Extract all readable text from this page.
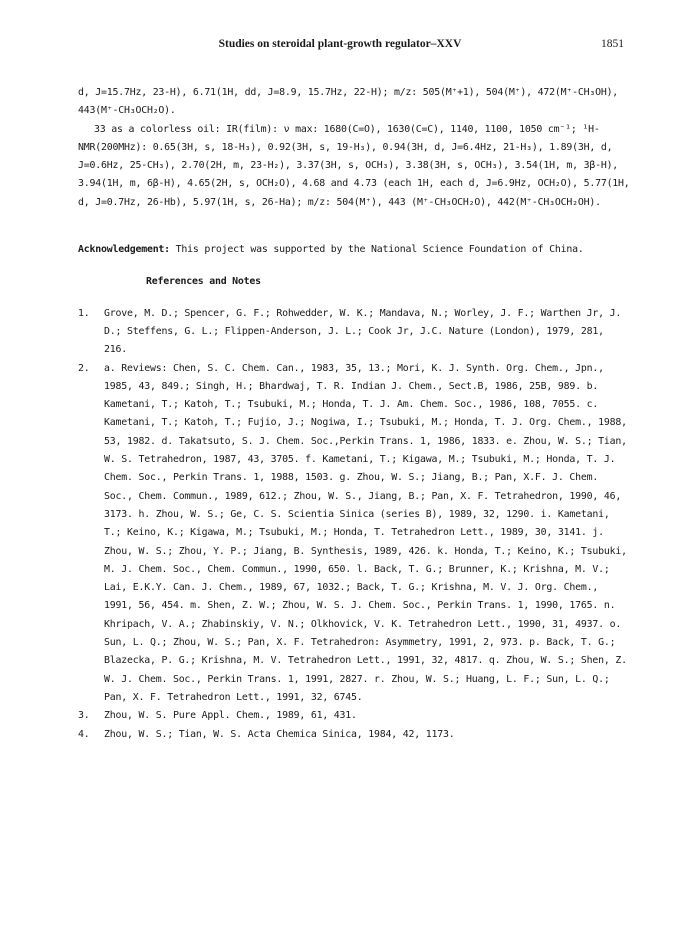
Studies on steroidal plant-growth regulator–XXV	1851

d, J=15.7Hz, 23-H), 6.71(1H, dd, J=8.9, 15.7Hz, 22-H); m/z: 505(M⁺+1), 504(M⁺), 472(M⁺-CH₃OH), 443(M⁺-CH₃OCH₂O).

33 as a colorless oil: IR(film): ν max: 1680(C=O), 1630(C=C), 1140, 1100, 1050 cm⁻¹; ¹H-NMR(200MHz): 0.65(3H, s, 18-H₃), 0.92(3H, s, 19-H₃), 0.94(3H, d, J=6.4Hz, 21-H₃), 1.89(3H, d, J=0.6Hz, 25-CH₃), 2.70(2H, m, 23-H₂), 3.37(3H, s, OCH₃), 3.38(3H, s, OCH₃), 3.54(1H, m, 3β-H), 3.94(1H, m, 6β-H), 4.65(2H, s, OCH₂O), 4.68 and 4.73 (each 1H, each d, J=6.9Hz, OCH₂O), 5.77(1H, d, J=0.7Hz, 26-Hb), 5.97(1H, s, 26-Ha); m/z: 504(M⁺), 443 (M⁺-CH₃OCH₂O), 442(M⁺-CH₃OCH₂OH).

Acknowledgement: This project was supported by the National Science Foundation of China.

References and Notes

1. Grove, M. D.; Spencer, G. F.; Rohwedder, W. K.; Mandava, N.; Worley, J. F.; Warthen Jr, J. D.; Steffens, G. L.; Flippen-Anderson, J. L.; Cook Jr, J.C. Nature (London), 1979, 281, 216.
2. a. Reviews: Chen, S. C. Chem. Can., 1983, 35, 13.; Mori, K. J. Synth. Org. Chem., Jpn., 1985, 43, 849.; Singh, H.; Bhardwaj, T. R. Indian J. Chem., Sect.B, 1986, 25B, 989. b. Kametani, T.; Katoh, T.; Tsubuki, M.; Honda, T. J. Am. Chem. Soc., 1986, 108, 7055. c. Kametani, T.; Katoh, T.; Fujio, J.; Nogiwa, I.; Tsubuki, M.; Honda, T. J. Org. Chem., 1988, 53, 1982. d. Takatsuto, S. J. Chem. Soc.,Perkin Trans. 1, 1986, 1833. e. Zhou, W. S.; Tian, W. S. Tetrahedron, 1987, 43, 3705. f. Kametani, T.; Kigawa, M.; Tsubuki, M.; Honda, T. J. Chem. Soc., Perkin Trans. 1, 1988, 1503. g. Zhou, W. S.; Jiang, B.; Pan, X.F. J. Chem. Soc., Chem. Commun., 1989, 612.; Zhou, W. S., Jiang, B.; Pan, X. F. Tetrahedron, 1990, 46, 3173. h. Zhou, W. S.; Ge, C. S. Scientia Sinica (series B), 1989, 32, 1290. i. Kametani, T.; Keino, K.; Kigawa, M.; Tsubuki, M.; Honda, T. Tetrahedron Lett., 1989, 30, 3141. j. Zhou, W. S.; Zhou, Y. P.; Jiang, B. Synthesis, 1989, 426. k. Honda, T.; Keino, K.; Tsubuki, M. J. Chem. Soc., Chem. Commun., 1990, 650. l. Back, T. G.; Brunner, K.; Krishna, M. V.; Lai, E.K.Y. Can. J. Chem., 1989, 67, 1032.; Back, T. G.; Krishna, M. V. J. Org. Chem., 1991, 56, 454. m. Shen, Z. W.; Zhou, W. S. J. Chem. Soc., Perkin Trans. 1, 1990, 1765. n. Khripach, V. A.; Zhabinskiy, V. N.; Olkhovick, V. K. Tetrahedron Lett., 1990, 31, 4937. o. Sun, L. Q.; Zhou, W. S.; Pan, X. F. Tetrahedron: Asymmetry, 1991, 2, 973. p. Back, T. G.; Blazecka, P. G.; Krishna, M. V. Tetrahedron Lett., 1991, 32, 4817. q. Zhou, W. S.; Shen, Z. W. J. Chem. Soc., Perkin Trans. 1, 1991, 2827. r. Zhou, W. S.; Huang, L. F.; Sun, L. Q.; Pan, X. F. Tetrahedron Lett., 1991, 32, 6745.
3. Zhou, W. S. Pure Appl. Chem., 1989, 61, 431.
4. Zhou, W. S.; Tian, W. S. Acta Chemica Sinica, 1984, 42, 1173.
